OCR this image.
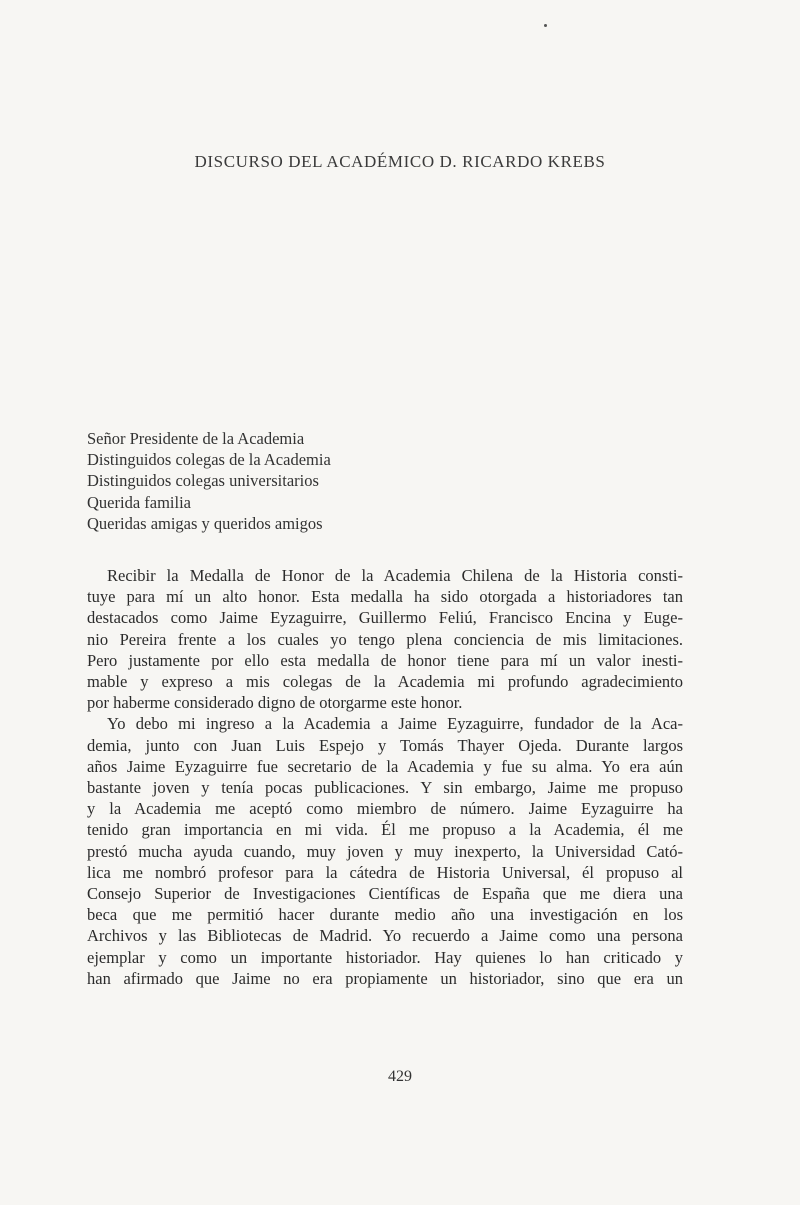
DISCURSO DEL ACADÉMICO D. RICARDO KREBS
Señor Presidente de la Academia
Distinguidos colegas de la Academia
Distinguidos colegas universitarios
Querida familia
Queridas amigas y queridos amigos

Recibir la Medalla de Honor de la Academia Chilena de la Historia consti-
tuye para mí un alto honor. Esta medalla ha sido otorgada a historiadores tan
destacados como Jaime Eyzaguirre, Guillermo Feliú, Francisco Encina y Euge-
nio Pereira frente a los cuales yo tengo plena conciencia de mis limitaciones.
Pero justamente por ello esta medalla de honor tiene para mí un valor inesti-
mable y expreso a mis colegas de la Academia mi profundo agradecimiento
por haberme considerado digno de otorgarme este honor.

Yo debo mi ingreso a la Academia a Jaime Eyzaguirre, fundador de la Aca-
demia, junto con Juan Luis Espejo y Tomás Thayer Ojeda. Durante largos
años Jaime Eyzaguirre fue secretario de la Academia y fue su alma. Yo era aún
bastante joven y tenía pocas publicaciones. Y sin embargo, Jaime me propuso
y la Academia me aceptó como miembro de número. Jaime Eyzaguirre ha
tenido gran importancia en mi vida. Él me propuso a la Academia, él me
prestó mucha ayuda cuando, muy joven y muy inexperto, la Universidad Cató-
lica me nombró profesor para la cátedra de Historia Universal, él propuso al
Consejo Superior de Investigaciones Científicas de España que me diera una
beca que me permitió hacer durante medio año una investigación en los
Archivos y las Bibliotecas de Madrid. Yo recuerdo a Jaime como una persona
ejemplar y como un importante historiador. Hay quienes lo han criticado y
han afirmado que Jaime no era propiamente un historiador, sino que era un

429
